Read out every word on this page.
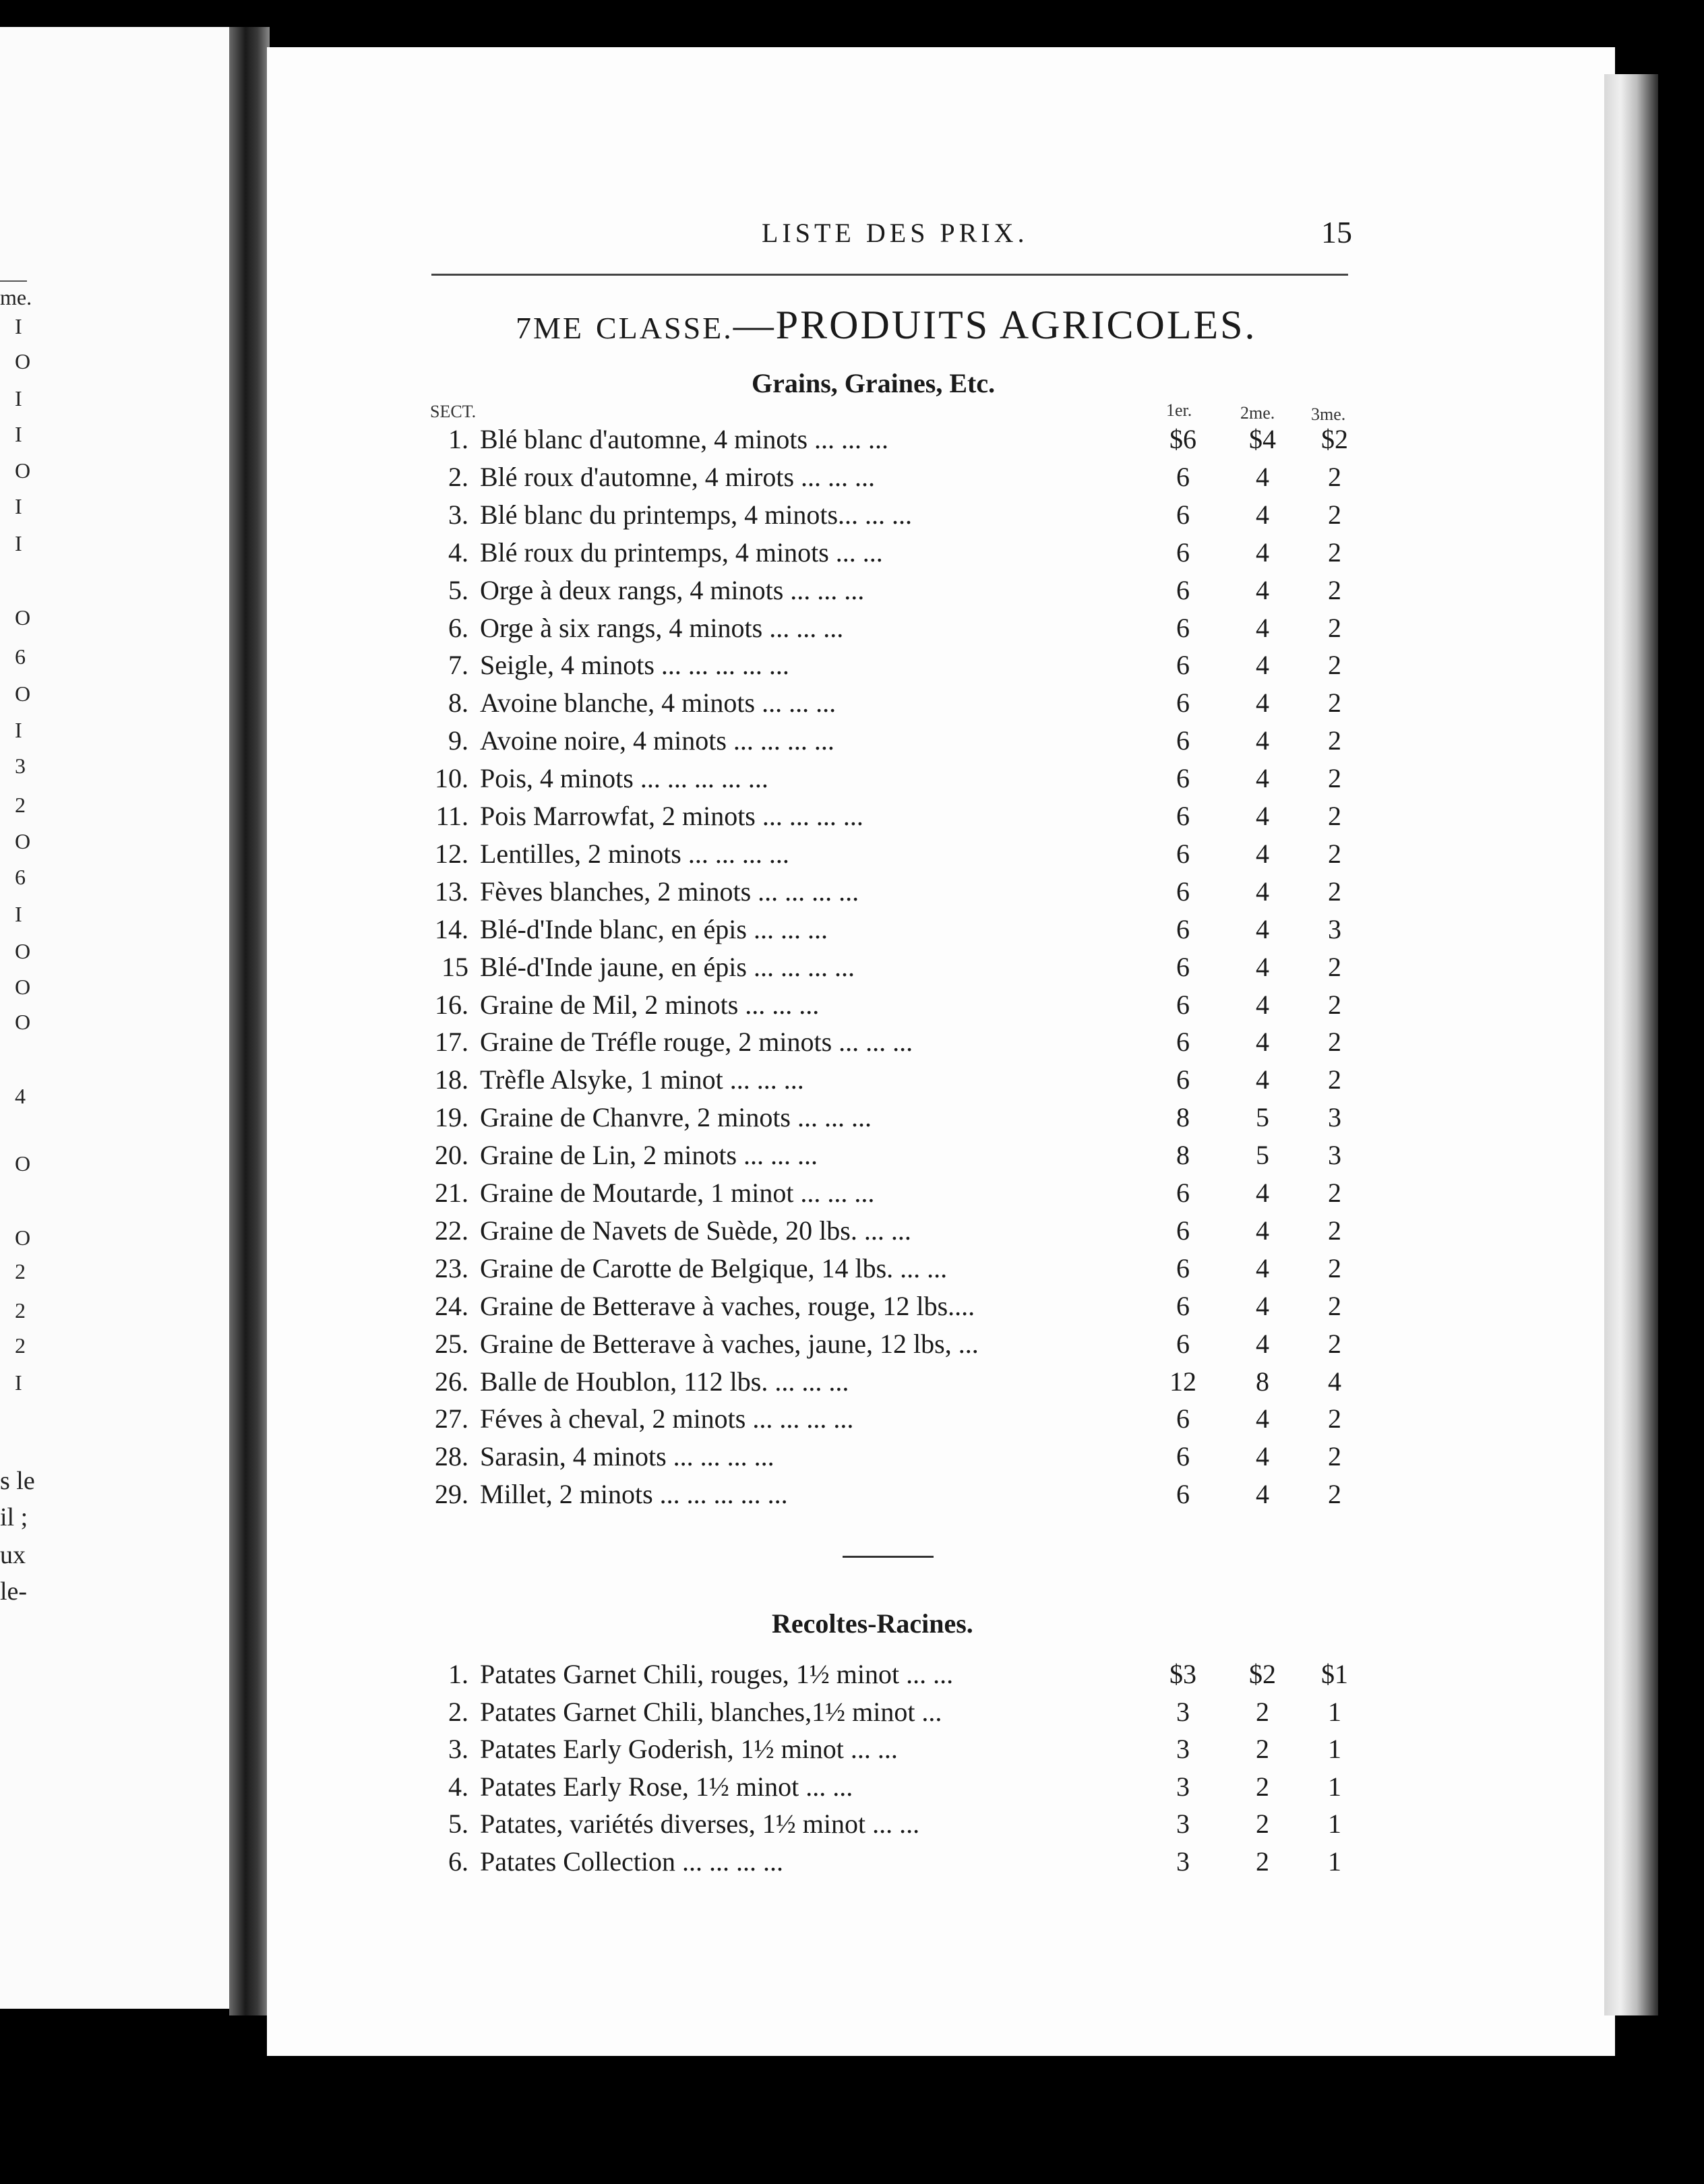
me.
I
O
I
I
O
I
I
O
6
O
I
3
2
O
6
I
O
O
O
4
O
O
2
2
2
I
s le
il ;
ux
le-
LISTE DES PRIX.	15
7ME CLASSE.—PRODUITS AGRICOLES.
Grains, Graines, Etc.
SECT.	1er.	2me. 3me.
1. Blé blanc d'automne, 4 minots ... ... ...	$6	$4	$2
2. Blé roux d'automne, 4 mirots ... ... ...	6	4	2
3. Blé blanc du printemps, 4 minots... ... ...	6	4	2
4. Blé roux du printemps, 4 minots ... ...	6	4	2
5. Orge à deux rangs, 4 minots ... ... ...	6	4	2
6. Orge à six rangs, 4 minots ... ... ...	6	4	2
7. Seigle, 4 minots ... ... ... ... ...	6	4	2
8. Avoine blanche, 4 minots ... ... ...	6	4	2
9. Avoine noire, 4 minots ... ... ... ...	6	4	2
10. Pois, 4 minots ... ... ... ... ...	6	4	2
11. Pois Marrowfat, 2 minots ... ... ... ...	6	4	2
12. Lentilles, 2 minots ... ... ... ...	6	4	2
13. Fèves blanches, 2 minots ... ... ... ...	6	4	2
14. Blé-d'Inde blanc, en épis ... ... ...	6	4	3
15 Blé-d'Inde jaune, en épis ... ... ... ...	6	4	2
16. Graine de Mil, 2 minots ... ... ...	6	4	2
17. Graine de Tréfle rouge, 2 minots ... ... ...	6	4	2
18. Trèfle Alsyke, 1 minot ... ... ...	6	4	2
19. Graine de Chanvre, 2 minots ... ... ...	8	5	3
20. Graine de Lin, 2 minots ... ... ...	8	5	3
21. Graine de Moutarde, 1 minot ... ... ...	6	4	2
22. Graine de Navets de Suède, 20 lbs. ... ...	6	4	2
23. Graine de Carotte de Belgique, 14 lbs. ... ...	6	4	2
24. Graine de Betterave à vaches, rouge, 12 lbs....	6	4	2
25. Graine de Betterave à vaches, jaune, 12 lbs, ...	6	4	2
26. Balle de Houblon, 112 lbs. ... ... ...	12	8	4
27. Féves à cheval, 2 minots ... ... ... ...	6	4	2
28. Sarasin, 4 minots ... ... ... ...	6	4	2
29. Millet, 2 minots ... ... ... ... ...	6	4	2
Recoltes-Racines.
1. Patates Garnet Chili, rouges, 1½ minot ... ...	$3	$2	$1
2. Patates Garnet Chili, blanches,1½ minot ...	3	2	1
3. Patates Early Goderish, 1½ minot ... ...	3	2	1
4. Patates Early Rose, 1½ minot ... ...	3	2	1
5. Patates, variétés diverses, 1½ minot ... ...	3	2	1
6. Patates Collection ... ... ... ...	3	2	1
